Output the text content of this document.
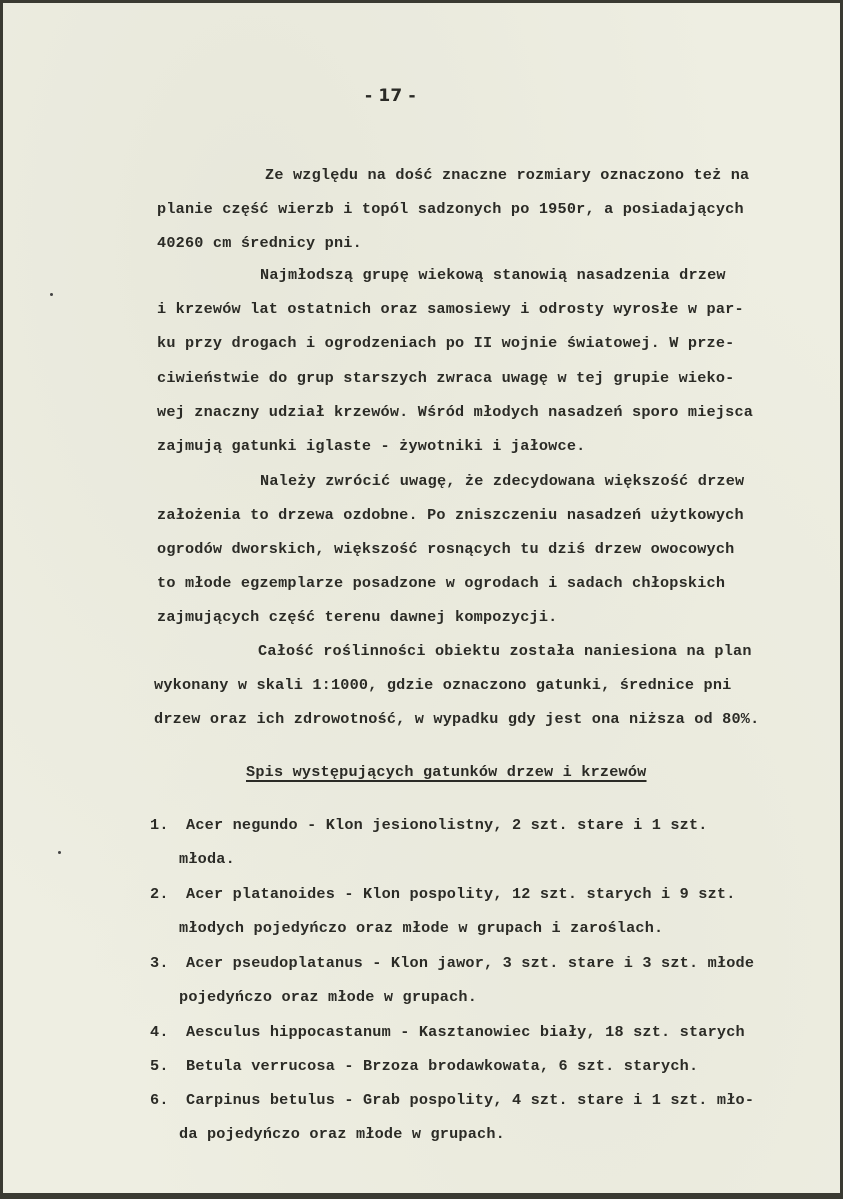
- 17 -
Ze względu na dość znaczne rozmiary oznaczono też na
planie część wierzb i topól sadzonych po 1950r, a posiadających
40260 cm średnicy pni.
Najmłodszą grupę wiekową stanowią nasadzenia drzew
i krzewów lat ostatnich oraz samosiewy i odrosty wyrosłe w par-
ku przy drogach i ogrodzeniach po II wojnie światowej. W prze-
ciwieństwie do grup starszych zwraca uwagę w tej grupie wieko-
wej znaczny udział krzewów. Wśród młodych nasadzeń sporo miejsca
zajmują gatunki iglaste - żywotniki i jałowce.
Należy zwrócić uwagę, że zdecydowana większość drzew
założenia to drzewa ozdobne. Po zniszczeniu nasadzeń użytkowych
ogrodów dworskich, większość rosnących tu dziś drzew owocowych
to młode egzemplarze posadzone w ogrodach i sadach chłopskich
zajmujących część terenu dawnej kompozycji.
Całość roślinności obiektu została naniesiona na plan
wykonany w skali 1:1000, gdzie oznaczono gatunki, średnice pni
drzew oraz ich zdrowotność, w wypadku gdy jest ona niższa od 80%.
Spis występujących gatunków drzew i krzewów
1. Acer negundo - Klon jesionolistny, 2 szt. stare i 1 szt.
młoda.
2. Acer platanoides - Klon pospolity, 12 szt. starych i 9 szt.
młodych pojedyńczo oraz młode w grupach i zaroślach.
3. Acer pseudoplatanus - Klon jawor, 3 szt. stare i 3 szt. młode
pojedyńczo oraz młode w grupach.
4. Aesculus hippocastanum - Kasztanowiec biały, 18 szt. starych
5. Betula verrucosa - Brzoza brodawkowata, 6 szt. starych.
6. Carpinus betulus - Grab pospolity, 4 szt. stare i 1 szt. mło-
da pojedyńczo oraz młode w grupach.
